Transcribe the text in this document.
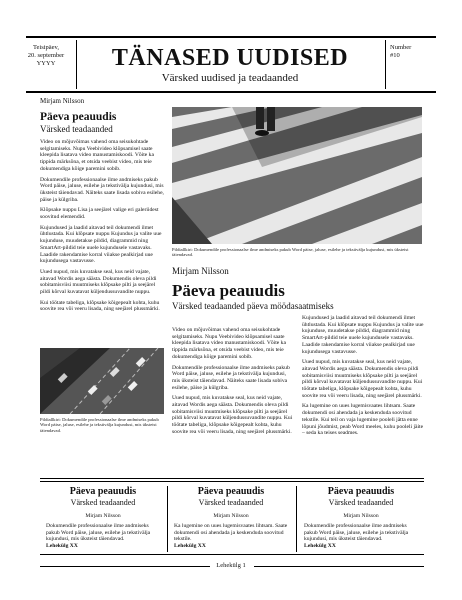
Teisipäev,
20. september
YYYY	TÄNASED UUDISED
Värsked uudised ja teadaanded
Number
#10
Mirjam Nilsson
Päeva peauudis
Värsked teadaanded

Video on mõjuvõimas vahend oma seisukohtade selgitamiseks. Nupu Veebivideo klõpsamisel saate kleepida lisatava video manustamiskoodi. Võite ka tippida märksõna, et otsida veebist video, mis teie dokumendiga kõige paremini sobib.

Dokumendile professionaalse ilme andmiseks pakub Word päise, jaluse, esilehe ja tekstivälja kujundusi, mis üksteist täiendavad. Näiteks saate lisada sobiva esilehe, päise ja külgriba.

Klõpsake nuppu Lisa ja seejärel valige eri galeriidest soovitud elemendid.

Kujundused ja laadid aitavad teil dokumendi ilmet ühtlustada. Kui klõpsate nuppu Kujundus ja valite uue kujunduse, muudetakse pildid, diagrammid ning SmartArt-pildid teie uuele kujundusele vastavaks. Laadide rakendamise korral viiakse pealkirjad uue kujundusega vastavusse.

Uued nupud, mis kuvatakse seal, kus neid vajate, aitavad Wordis aega säästa. Dokumendis oleva pildi sobitamisviisi muutmiseks klõpsake pilti ja seejärel pildi kõrval kuvatavat küljendussuvandite nuppu.

Kui töötate tabeliga, klõpsake kõigepealt kohta, kuhu soovite rea või veeru lisada, ning seejärel plussmärki.

Pildiallkiri: Dokumendile professionaalse ilme andmiseks pakub Word päise, jaluse, esilehe ja tekstivälja kujundusi, mis üksteist täiendavad.
Pildiallkiri: Dokumendile professionaalse ilme andmiseks pakub Word päise, jaluse, esilehe ja tekstivälja kujundusi, mis üksteist täiendavad.
Mirjam Nilsson
Päeva peauudis
Värsked teadaanded päeva möödasaatmiseks

Video on mõjuvõimas vahend oma seisukohtade selgitamiseks. Nupu Veebivideo klõpsamisel saate kleepida lisatava video manustamiskoodi. Võite ka tippida märksõna, et otsida veebist video, mis teie dokumendiga kõige paremini sobib.

Dokumendile professionaalse ilme andmiseks pakub Word päise, jaluse, esilehe ja tekstivälja kujundusi, mis üksteist täiendavad. Näiteks saate lisada sobiva esilehe, päise ja külgriba.

Uued nupud, mis kuvatakse seal, kus neid vajate, aitavad Wordis aega säästa. Dokumendis oleva pildi sobitamisviisi muutmiseks klõpsake pilti ja seejärel pildi kõrval kuvatavat küljendussuvandite nuppu. Kui töötate tabeliga, klõpsake kõigepealt kohta, kuhu soovite rea või veeru lisada, ning seejärel plussmärki.

Kujundused ja laadid aitavad teil dokumendi ilmet ühtlustada. Kui klõpsate nuppu Kujundus ja valite uue kujunduse, muudetakse pildid, diagrammid ning SmartArt-pildid teie uuele kujundusele vastavaks. Laadide rakendamise korral viiakse pealkirjad uue kujundusega vastavusse.

Uued nupud, mis kuvatakse seal, kus neid vajate, aitavad Wordis aega säästa. Dokumendis oleva pildi sobitamisviisi muutmiseks klõpsake pilti ja seejärel pildi kõrval kuvatavat küljendussuvandite nuppu. Kui töötate tabeliga, klõpsake kõigepealt kohta, kuhu soovite rea või veeru lisada, ning seejärel plussmärki.

Ka lugemine on uues lugemisvaates lihtsam. Saate dokumendi osi ahendada ja keskenduda soovitud tekstile. Kui teil on vaja lugemine pooleli jätta enne lõpuni jõudmist, peab Word meeles, kuhu pooleli jäite – seda ka teises seadmes.

Päeva peauudis
Värsked teadaanded
Mirjam Nilsson
Dokumendile professionaalse ilme andmiseks pakub Word päise, jaluse, esilehe ja tekstivälja kujundusi, mis üksteist täiendavad.
Lehekülg XX
Päeva peauudis
Värsked teadaanded
Mirjam Nilsson
Ka lugemine on uues lugemisvaates lihtsam. Saate dokumendi osi ahendada ja keskenduda soovitud tekstile.
Lehekülg XX
Päeva peauudis
Värsked teadaanded
Mirjam Nilsson
Dokumendile professionaalse ilme andmiseks pakub Word päise, jaluse, esilehe ja tekstivälja kujundusi, mis üksteist täiendavad.
Lehekülg XX
Lehekülg 1
